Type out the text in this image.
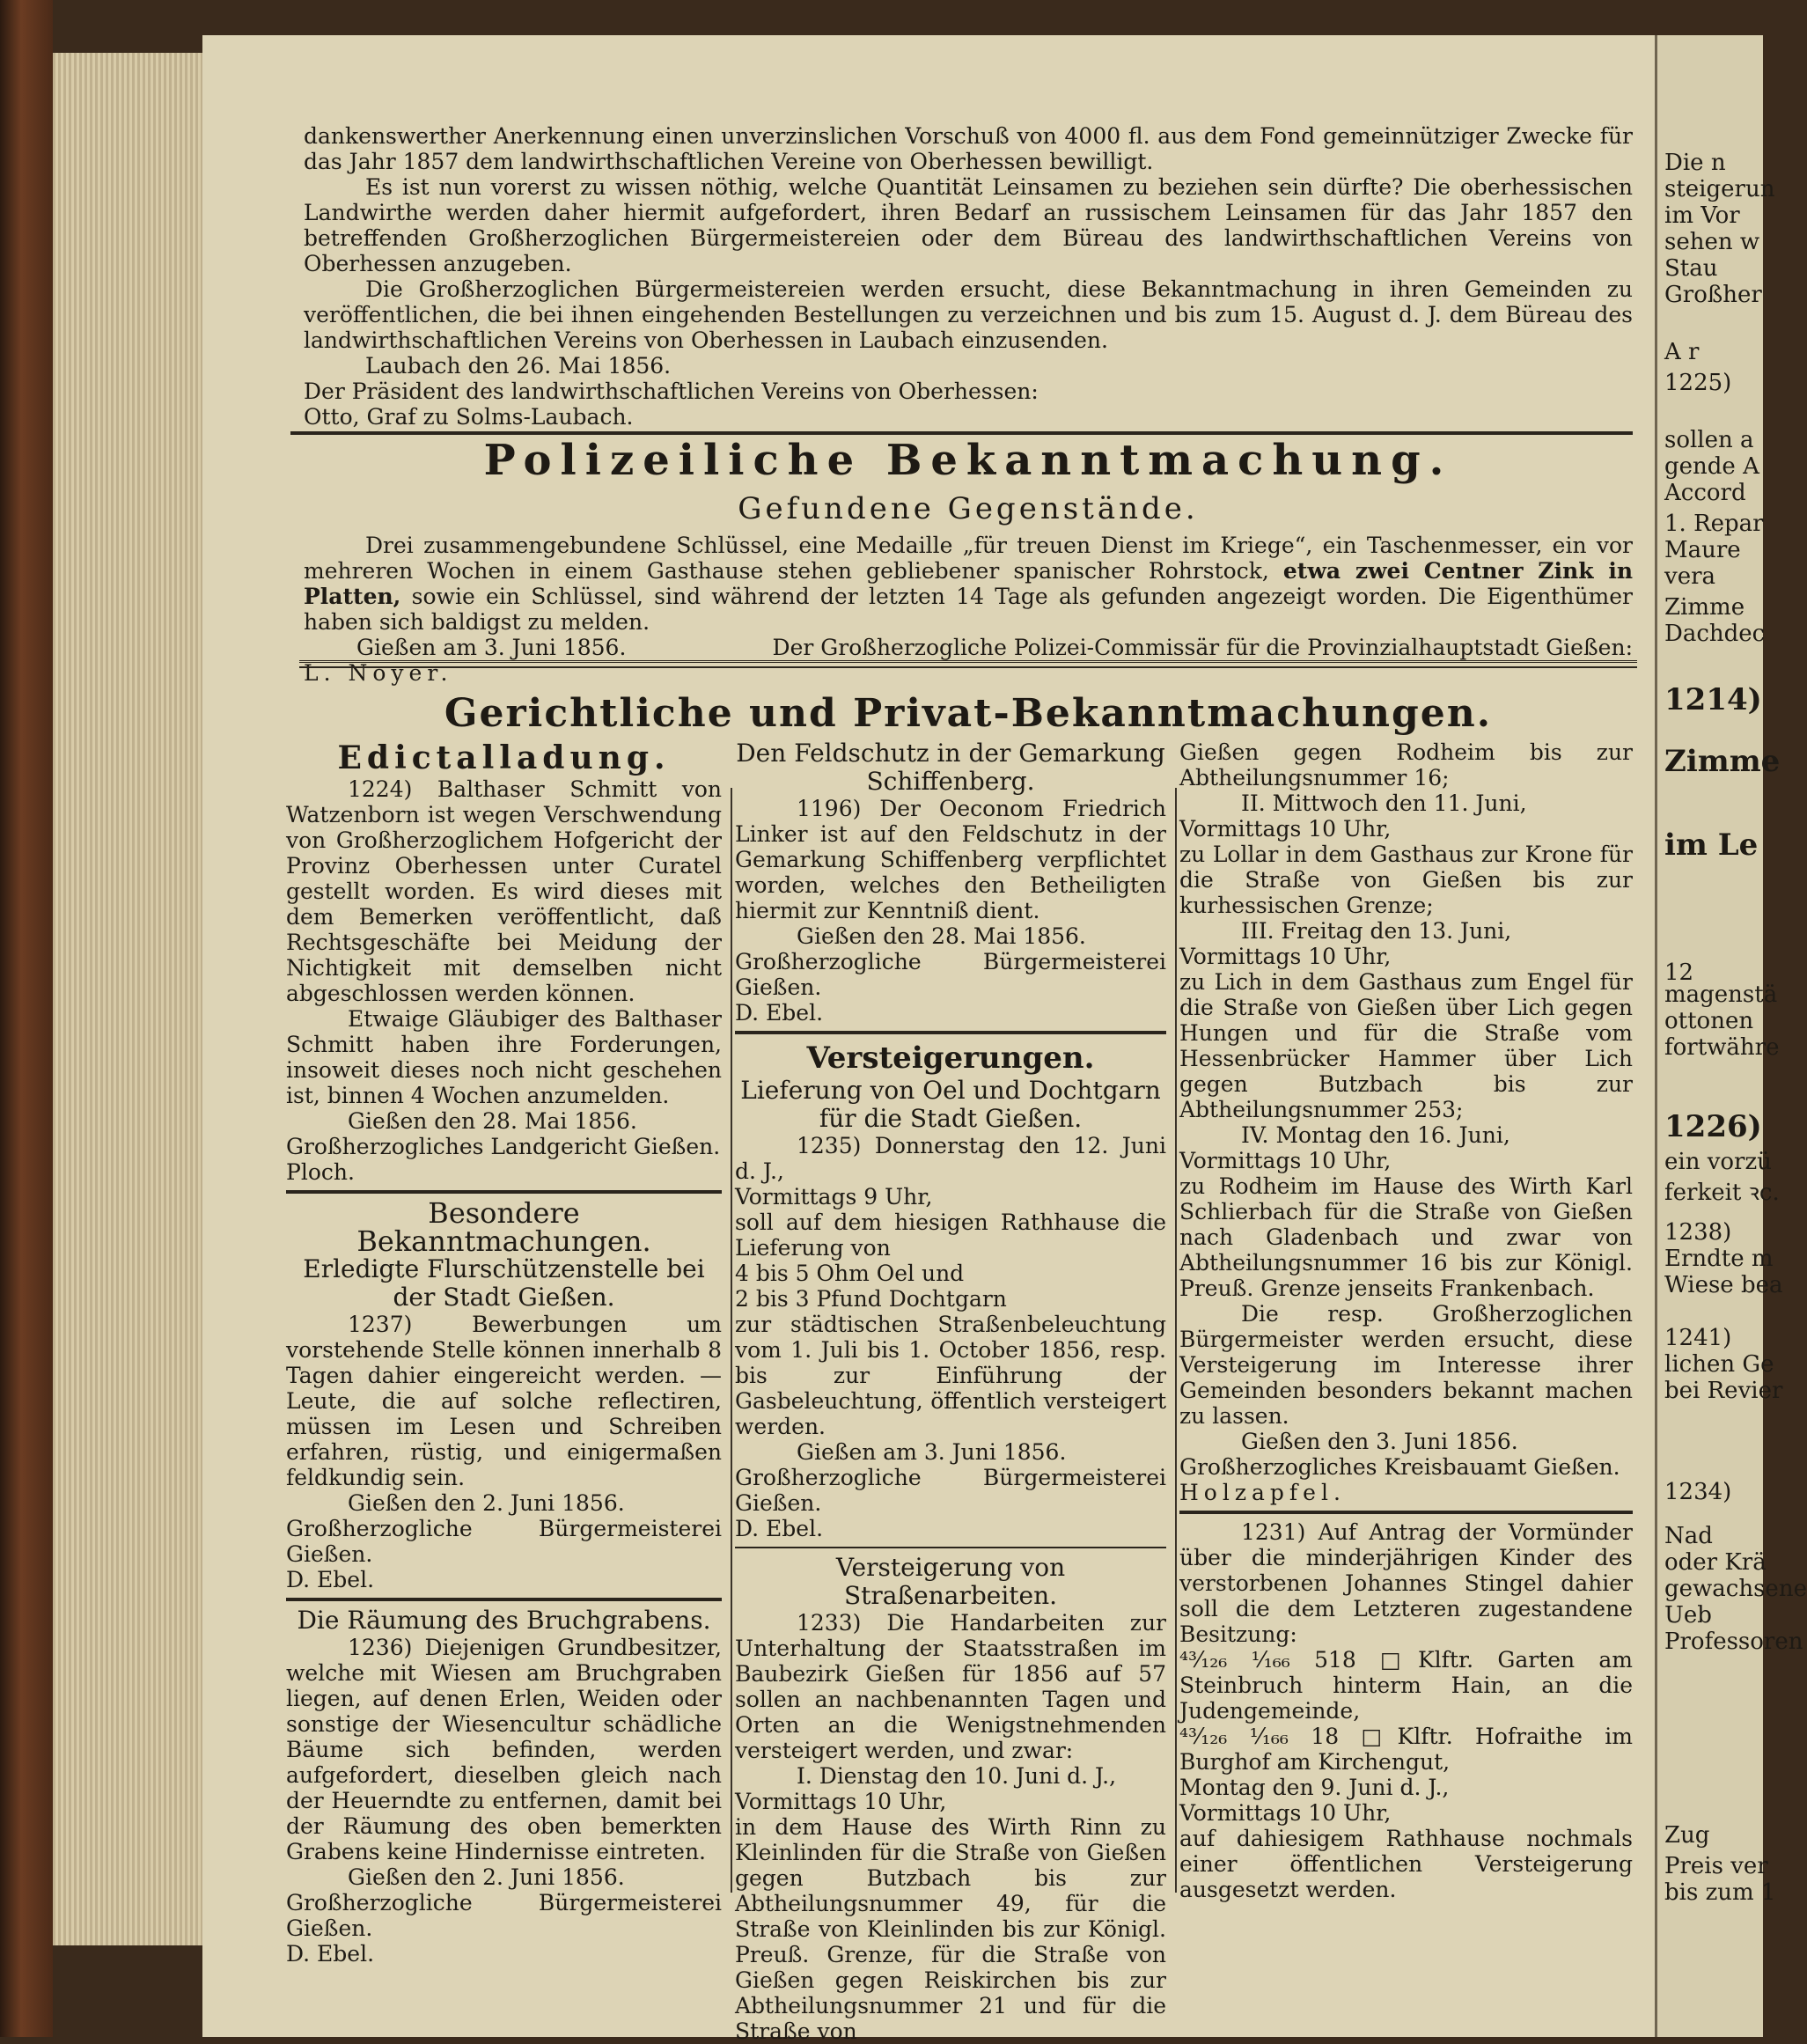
dankenswerther Anerkennung einen unverzinslichen Vorschuß von 4000 fl. aus dem Fond gemeinnütziger Zwecke für das Jahr 1857 dem landwirthschaftlichen Vereine von Oberhessen bewilligt.

Es ist nun vorerst zu wissen nöthig, welche Quantität Leinsamen zu beziehen sein dürfte? Die oberhessischen Landwirthe werden daher hiermit aufgefordert, ihren Bedarf an russischem Leinsamen für das Jahr 1857 den betreffenden Großherzoglichen Bürgermeistereien oder dem Büreau des landwirthschaftlichen Vereins von Oberhessen anzugeben.

Die Großherzoglichen Bürgermeistereien werden ersucht, diese Bekanntmachung in ihren Gemeinden zu veröffentlichen, die bei ihnen eingehenden Bestellungen zu verzeichnen und bis zum 15. August d. J. dem Büreau des landwirthschaftlichen Vereins von Oberhessen in Laubach einzusenden.

Laubach den 26. Mai 1856.

Der Präsident des landwirthschaftlichen Vereins von Oberhessen:

Otto, Graf zu Solms-Laubach.

Polizeiliche Bekanntmachung.
Gefundene Gegenstände.

Drei zusammengebundene Schlüssel, eine Medaille „für treuen Dienst im Kriege“, ein Taschenmesser, ein vor mehreren Wochen in einem Gasthause stehen gebliebener spanischer Rohrstock, etwa zwei Centner Zink in Platten, sowie ein Schlüssel, sind während der letzten 14 Tage als gefunden angezeigt worden. Die Eigenthümer haben sich baldigst zu melden.

Gießen am 3. Juni 1856.	Der Großherzogliche Polizei-Commissär für die Provinzialhauptstadt Gießen:

L. Noyer.

Gerichtliche und Privat-Bekanntmachungen.
Edictalladung.

1224) Balthaser Schmitt von Watzenborn ist wegen Verschwendung von Großherzoglichem Hofgericht der Provinz Oberhessen unter Curatel gestellt worden. Es wird dieses mit dem Bemerken veröffentlicht, daß Rechtsgeschäfte bei Meidung der Nichtigkeit mit demselben nicht abgeschlossen werden können.

Etwaige Gläubiger des Balthaser Schmitt haben ihre Forderungen, insoweit dieses noch nicht geschehen ist, binnen 4 Wochen anzumelden.

Gießen den 28. Mai 1856.

Großherzogliches Landgericht Gießen.

Ploch.

Besondere Bekanntmachungen.
Erledigte Flurschützenstelle bei der Stadt Gießen.

1237) Bewerbungen um vorstehende Stelle können innerhalb 8 Tagen dahier eingereicht werden. — Leute, die auf solche reflectiren, müssen im Lesen und Schreiben erfahren, rüstig, und einigermaßen feldkundig sein.

Gießen den 2. Juni 1856.

Großherzogliche Bürgermeisterei Gießen.

D. Ebel.

Die Räumung des Bruchgrabens.

1236) Diejenigen Grundbesitzer, welche mit Wiesen am Bruchgraben liegen, auf denen Erlen, Weiden oder sonstige der Wiesencultur schädliche Bäume sich befinden, werden aufgefordert, dieselben gleich nach der Heuerndte zu entfernen, damit bei der Räumung des oben bemerkten Grabens keine Hindernisse eintreten.

Gießen den 2. Juni 1856.

Großherzogliche Bürgermeisterei Gießen.

D. Ebel.

Den Feldschutz in der Gemarkung Schiffenberg.

1196) Der Oeconom Friedrich Linker ist auf den Feldschutz in der Gemarkung Schiffenberg verpflichtet worden, welches den Betheiligten hiermit zur Kenntniß dient.

Gießen den 28. Mai 1856.

Großherzogliche Bürgermeisterei Gießen.

D. Ebel.

Versteigerungen.
Lieferung von Oel und Dochtgarn für die Stadt Gießen.

1235) Donnerstag den 12. Juni d. J.,

Vormittags 9 Uhr,

soll auf dem hiesigen Rathhause die Lieferung von

4 bis 5 Ohm Oel und

2 bis 3 Pfund Dochtgarn

zur städtischen Straßenbeleuchtung vom 1. Juli bis 1. October 1856, resp. bis zur Einführung der Gasbeleuchtung, öffentlich versteigert werden.

Gießen am 3. Juni 1856.

Großherzogliche Bürgermeisterei Gießen.

D. Ebel.

Versteigerung von Straßenarbeiten.

1233) Die Handarbeiten zur Unterhaltung der Staatsstraßen im Baubezirk Gießen für 1856 auf 57 sollen an nachbenannten Tagen und Orten an die Wenigstnehmenden versteigert werden, und zwar:

I. Dienstag den 10. Juni d. J.,

Vormittags 10 Uhr,

in dem Hause des Wirth Rinn zu Kleinlinden für die Straße von Gießen gegen Butzbach bis zur Abtheilungsnummer 49, für die Straße von Kleinlinden bis zur Königl. Preuß. Grenze, für die Straße von Gießen gegen Reiskirchen bis zur Abtheilungsnummer 21 und für die Straße von

Gießen gegen Rodheim bis zur Abtheilungsnummer 16;

II. Mittwoch den 11. Juni,

Vormittags 10 Uhr,

zu Lollar in dem Gasthaus zur Krone für die Straße von Gießen bis zur kurhessischen Grenze;

III. Freitag den 13. Juni,

Vormittags 10 Uhr,

zu Lich in dem Gasthaus zum Engel für die Straße von Gießen über Lich gegen Hungen und für die Straße vom Hessenbrücker Hammer über Lich gegen Butzbach bis zur Abtheilungsnummer 253;

IV. Montag den 16. Juni,

Vormittags 10 Uhr,

zu Rodheim im Hause des Wirth Karl Schlierbach für die Straße von Gießen nach Gladenbach und zwar von Abtheilungsnummer 16 bis zur Königl. Preuß. Grenze jenseits Frankenbach.

Die resp. Großherzoglichen Bürgermeister werden ersucht, diese Versteigerung im Interesse ihrer Gemeinden besonders bekannt machen zu lassen.

Gießen den 3. Juni 1856.

Großherzogliches Kreisbauamt Gießen.

Holzapfel.

1231) Auf Antrag der Vormünder über die minderjährigen Kinder des verstorbenen Johannes Stingel dahier soll die dem Letzteren zugestandene Besitzung:

⁴³⁄₁₂₆ ¹⁄₁₆₆ 518 □Klftr. Garten am Steinbruch hinterm Hain, an die Judengemeinde,

⁴³⁄₁₂₆ ¹⁄₁₆₆ 18 □Klftr. Hofraithe im Burghof am Kirchengut,

Montag den 9. Juni d. J.,

Vormittags 10 Uhr,

auf dahiesigem Rathhause nochmals einer öffentlichen Versteigerung ausgesetzt werden.

Die n
steigerun
im Vor
sehen w
Stau
Großher
A r
1225)
sollen a
gende A
Accord
1. Repar
Maure
vera
Zimme
Dachdec
1214)
Zimme
im Le
12
magenstä
ottonen
fortwähre
1226)
ein vorzü
ferkeit ꝛc.
1238)
Erndte m
Wiese bea
1241)
lichen Ge
bei Revier
1234)
Nad
oder Krä
gewachsene
Ueb
Professoren
Zug
Preis ver
bis zum 1
